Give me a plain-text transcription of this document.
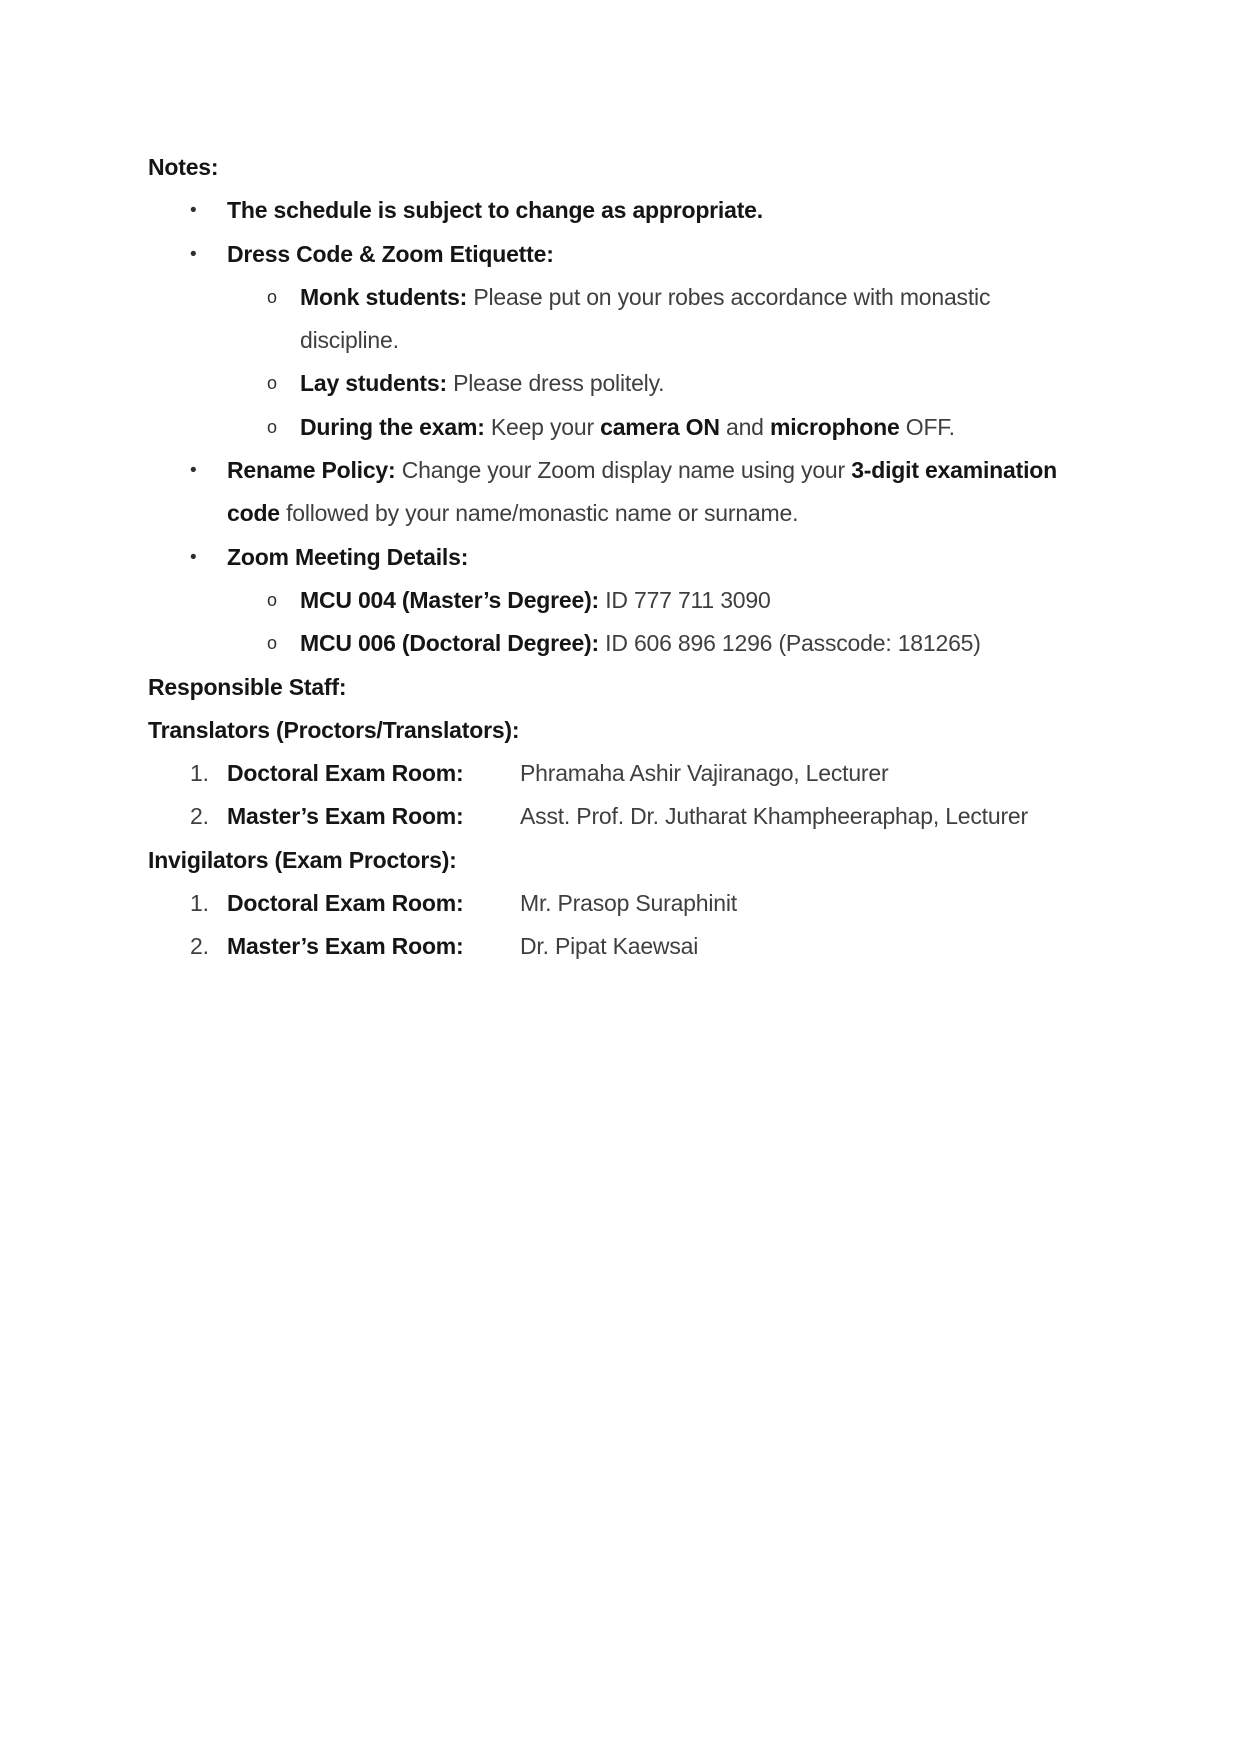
Notes:
• The schedule is subject to change as appropriate.
• Dress Code & Zoom Etiquette:
o Monk students: Please put on your robes accordance with monastic
discipline.
o Lay students: Please dress politely.
o During the exam: Keep your camera ON and microphone OFF.
• Rename Policy: Change your Zoom display name using your 3-digit examination
code followed by your name/monastic name or surname.
• Zoom Meeting Details:
o MCU 004 (Master’s Degree): ID 777 711 3090
o MCU 006 (Doctoral Degree): ID 606 896 1296 (Passcode: 181265)
Responsible Staff:
Translators (Proctors/Translators):
1. Doctoral Exam Room: Phramaha Ashir Vajiranago, Lecturer
2. Master’s Exam Room: Asst. Prof. Dr. Jutharat Khampheeraphap, Lecturer
Invigilators (Exam Proctors):
1. Doctoral Exam Room: Mr. Prasop Suraphinit
2. Master’s Exam Room: Dr. Pipat Kaewsai
